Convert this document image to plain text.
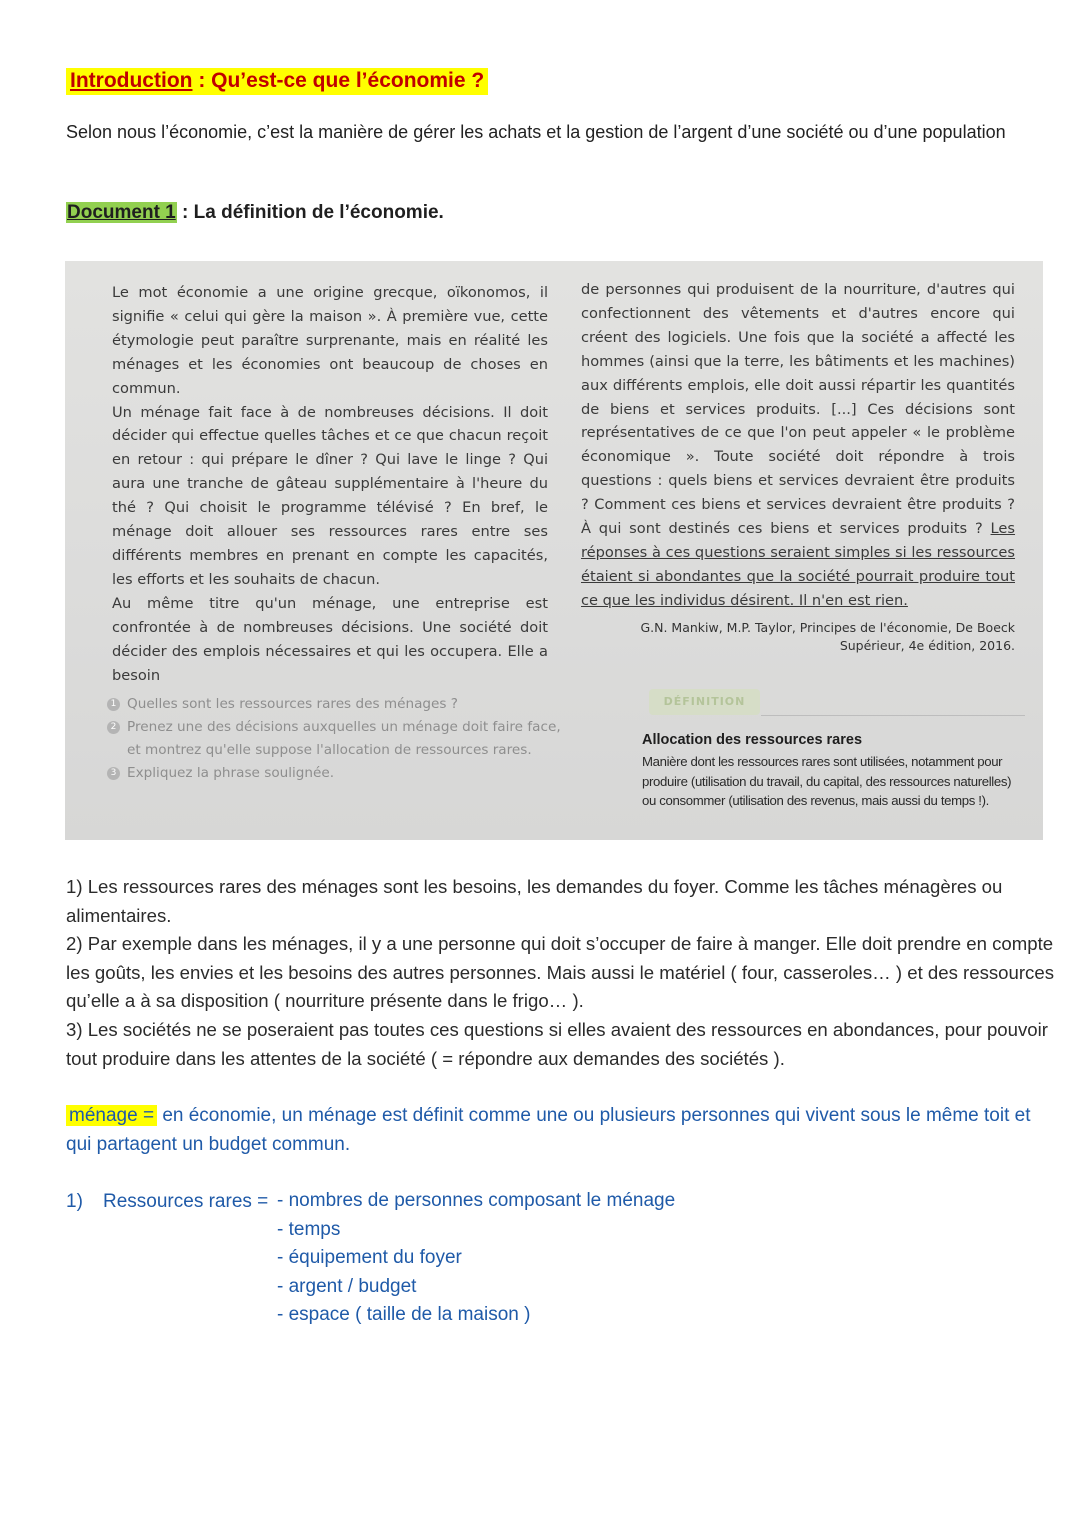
Introduction : Qu’est-ce que l’économie ?
Selon nous l’économie, c’est la manière de gérer les achats et la gestion de l’argent d’une société ou d’une population
Document 1 : La définition de l’économie.

Le mot économie a une origine grecque, oïkonomos, il signifie « celui qui gère la maison ». À première vue, cette étymologie peut paraître surprenante, mais en réalité les ménages et les économies ont beaucoup de choses en commun.

Un ménage fait face à de nombreuses décisions. Il doit décider qui effectue quelles tâches et ce que chacun reçoit en retour : qui prépare le dîner ? Qui lave le linge ? Qui aura une tranche de gâteau supplémentaire à l'heure du thé ? Qui choisit le programme télévisé ? En bref, le ménage doit allouer ses ressources rares entre ses différents membres en prenant en compte les capacités, les efforts et les souhaits de chacun.

Au même titre qu'un ménage, une entreprise est confrontée à de nombreuses décisions. Une société doit décider des emplois nécessaires et qui les occupera. Elle a besoin

de personnes qui produisent de la nourriture, d'autres qui confectionnent des vêtements et d'autres encore qui créent des logiciels. Une fois que la société a affecté les hommes (ainsi que la terre, les bâtiments et les machines) aux différents emplois, elle doit aussi répartir les quantités de biens et services produits. [...] Ces décisions sont représentatives de ce que l'on peut appeler « le problème économique ». Toute société doit répondre à trois questions : quels biens et services devraient être produits ? Comment ces biens et services devraient être produits ? À qui sont destinés ces biens et services produits ? Les réponses à ces questions seraient simples si les ressources étaient si abondantes que la société pourrait produire tout ce que les individus désirent. Il n'en est rien.

G.N. Mankiw, M.P. Taylor, Principes de l'économie, De Boeck
Supérieur, 4e édition, 2016.
1 Quelles sont les ressources rares des ménages ?
2 Prenez une des décisions auxquelles un ménage doit faire face, et montrez qu'elle suppose l'allocation de ressources rares.
3 Expliquez la phrase soulignée.
DÉFINITION
Allocation des ressources rares
Manière dont les ressources rares sont utilisées, notamment pour produire (utilisation du travail, du capital, des ressources naturelles) ou consommer (utilisation des revenus, mais aussi du temps !).

1) Les ressources rares des ménages sont les besoins, les demandes du foyer. Comme les tâches ménagères ou alimentaires.

2) Par exemple dans les ménages, il y a une personne qui doit s’occuper de faire à manger. Elle doit prendre en compte les goûts, les envies et les besoins des autres personnes. Mais aussi le matériel ( four, casseroles… ) et des ressources qu’elle a à sa disposition ( nourriture présente dans le frigo… ).

3) Les sociétés ne se poseraient pas toutes ces questions si elles avaient des ressources en abondances, pour pouvoir tout produire dans les attentes de la société ( = répondre aux demandes des sociétés ).

ménage = en économie, un ménage est définit comme une ou plusieurs personnes qui vivent sous le même toit et qui partagent un budget commun.
1) Ressources rares = - nombres de personnes composant le ménage
- temps
- équipement du foyer
- argent / budget
- espace ( taille de la maison )
